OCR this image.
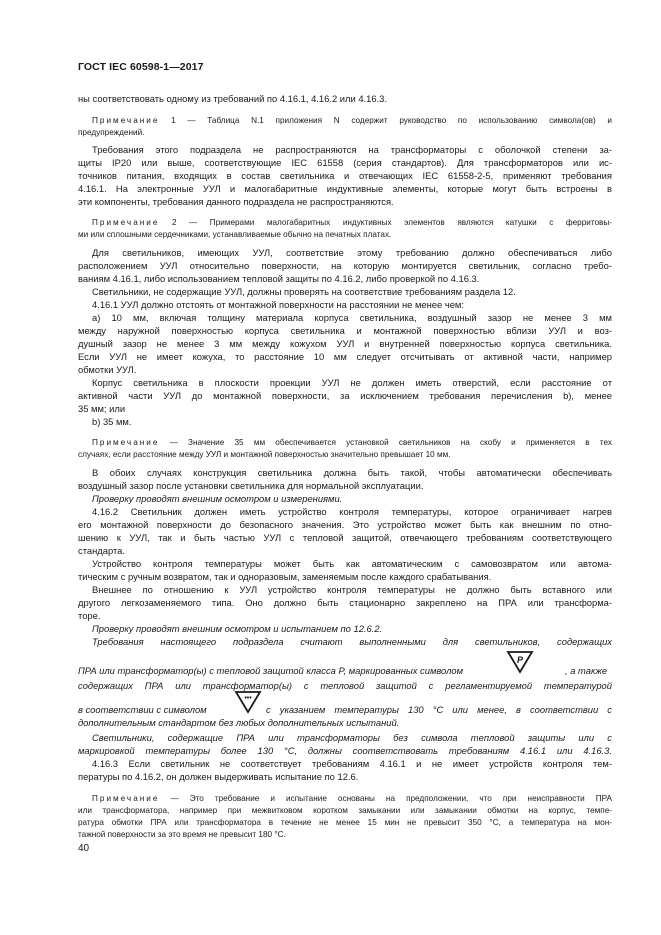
ГОСТ IEC 60598-1—2017
ны соответствовать одному из требований по 4.16.1, 4.16.2 или 4.16.3.
Примечание 1 — Таблица N.1 приложения N содержит руководство по использованию символа(ов) и
предупреждений.
Требования этого подраздела не распространяются на трансформаторы с оболочкой степени за-
щиты IP20 или выше, соответствующие IEC 61558 (серия стандартов). Для трансформаторов или ис-
точников питания, входящих в состав светильника и отвечающих IEC 61558-2-5, применяют требования
4.16.1. На электронные УУЛ и малогабаритные индуктивные элементы, которые могут быть встроены в
эти компоненты, требования данного подраздела не распространяются.
Примечание 2 — Примерами малогабаритных индуктивных элементов являются катушки с ферритовы-
ми или сплошными сердечниками, устанавливаемые обычно на печатных платах.
Для светильников, имеющих УУЛ, соответствие этому требованию должно обеспечиваться либо
расположением УУЛ относительно поверхности, на которую монтируется светильник, согласно требо-
ваниям 4.16.1, либо использованием тепловой защиты по 4.16.2, либо проверкой по 4.16.3.
Светильники, не содержащие УУЛ, должны проверять на соответствие требованиям раздела 12.
4.16.1 УУЛ должно отстоять от монтажной поверхности на расстоянии не менее чем:
a) 10 мм, включая толщину материала корпуса светильника, воздушный зазор не менее 3 мм
между наружной поверхностью корпуса светильника и монтажной поверхностью вблизи УУЛ и воз-
душный зазор не менее 3 мм между кожухом УУЛ и внутренней поверхностью корпуса светильника.
Если УУЛ не имеет кожуха, то расстояние 10 мм следует отсчитывать от активной части, например
обмотки УУЛ.
Корпус светильника в плоскости проекции УУЛ не должен иметь отверстий, если расстояние от
активной части УУЛ до монтажной поверхности, за исключением требования перечисления b), менее
35 мм; или
b) 35 мм.
Примечание — Значение 35 мм обеспечивается установкой светильников на скобу и применяется в тех
случаях, если расстояние между УУЛ и монтажной поверхностью значительно превышает 10 мм.
В обоих случаях конструкция светильника должна быть такой, чтобы автоматически обеспечивать
воздушный зазор после установки светильника для нормальной эксплуатации.
Проверку проводят внешним осмотром и измерениями.
4.16.2 Светильник должен иметь устройство контроля температуры, которое ограничивает нагрев
его монтажной поверхности до безопасного значения. Это устройство может быть как внешним по отно-
шению к УУЛ, так и быть частью УУЛ с тепловой защитой, отвечающего требованиям соответствующего
стандарта.
Устройство контроля температуры может быть как автоматическим с самовозвратом или автома-
тическим с ручным возвратом, так и одноразовым, заменяемым после каждого срабатывания.
Внешнее по отношению к УУЛ устройство контроля температуры не должно быть вставного или
другого легкозаменяемого типа. Оно должно быть стационарно закреплено на ПРА или трансформа-
торе.
Проверку проводят внешним осмотром и испытанием по 12.6.2.
Требования настоящего подраздела считают выполненными для светильников, содержащих
ПРА или трансформатор(ы) с тепловой защитой класса P, маркированных символом	, а также
содержащих ПРА или трансформатор(ы) с тепловой защитой с регламентируемой температурой
в соответствии с символом	с указанием температуры 130 °С или менее, в соответствии с
дополнительным стандартом без любых дополнительных испытаний.
Светильники, содержащие ПРА или трансформаторы без символа тепловой защиты или с
маркировкой температуры более 130 °С, должны соответствовать требованиям 4.16.1 или 4.16.3.
4.16.3 Если светильник не соответствует требованиям 4.16.1 и не имеет устройств контроля тем-
пературы по 4.16.2, он должен выдерживать испытание по 12.6.
Примечание — Это требование и испытание основаны на предположении, что при неисправности ПРА
или трансформатора, например при межвитковом коротком замыкании или замыкании обмотки на корпус, темпе-
ратура обмотки ПРА или трансформатора в течение не менее 15 мин не превысит 350 °С, а температура на мон-
тажной поверхности за это время не превысит 180 °С.
P
•••
40
